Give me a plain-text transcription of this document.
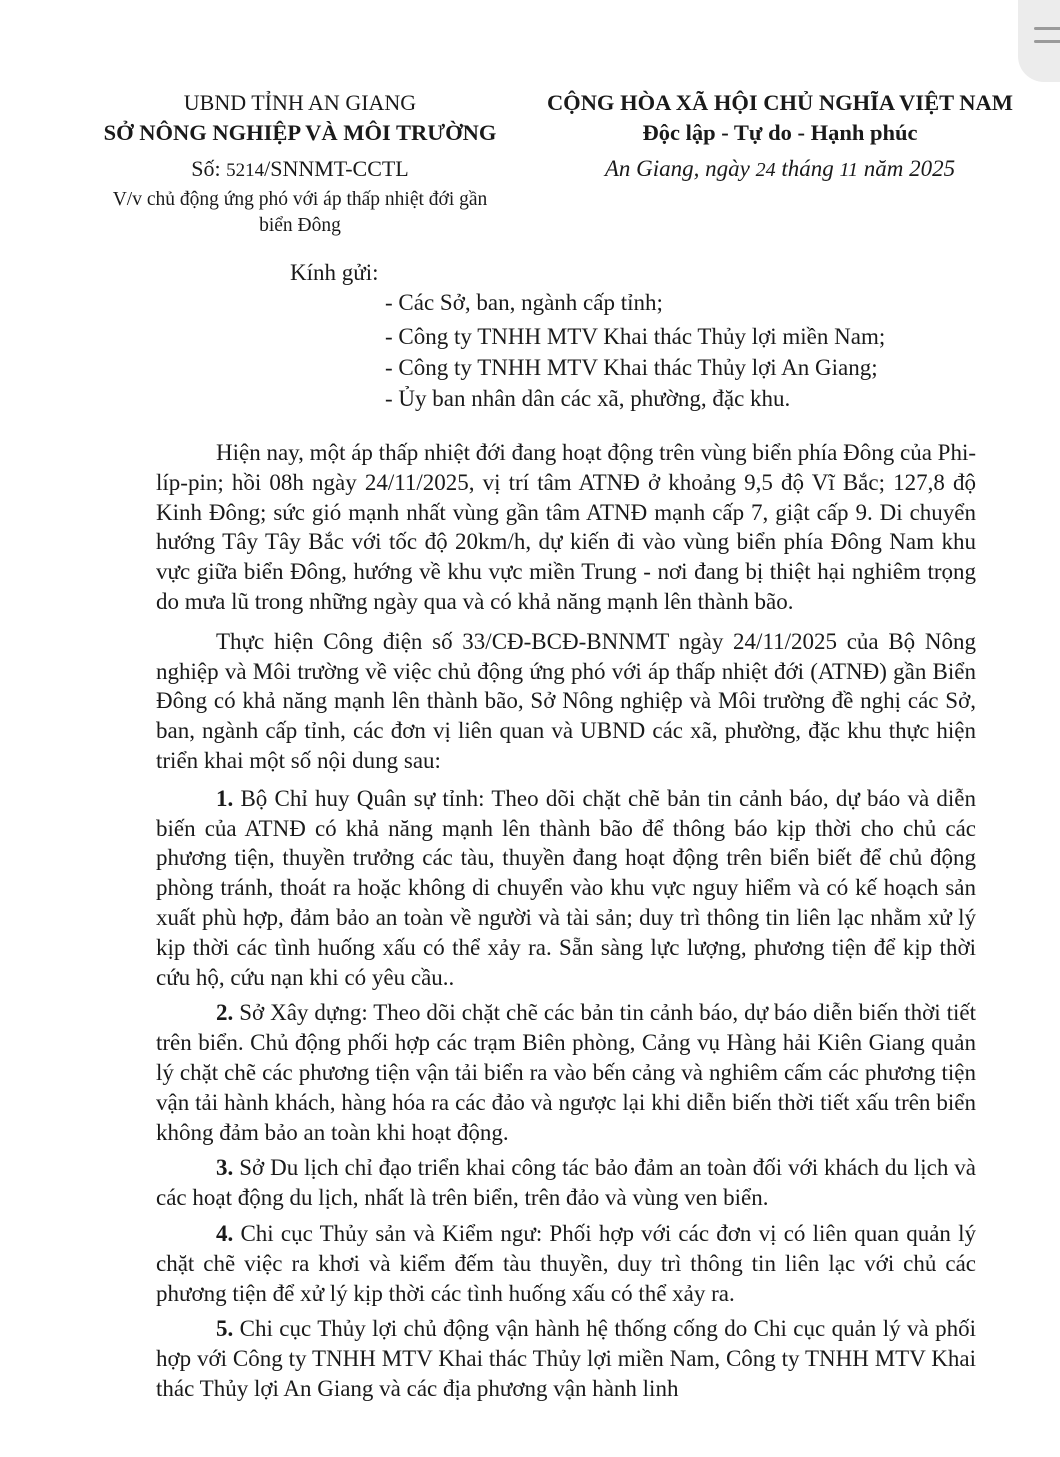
UBND TỈNH AN GIANG
SỞ NÔNG NGHIỆP VÀ MÔI TRƯỜNG
Số: 5214/SNNMT-CCTL
V/v chủ động ứng phó với áp thấp nhiệt đới gần
biển Đông
CỘNG HÒA XÃ HỘI CHỦ NGHĨA VIỆT NAM
Độc lập - Tự do - Hạnh phúc
An Giang, ngày 24 tháng 11 năm 2025
Kính gửi:
- Các Sở, ban, ngành cấp tỉnh;
- Công ty TNHH MTV Khai thác Thủy lợi miền Nam;
- Công ty TNHH MTV Khai thác Thủy lợi An Giang;
- Ủy ban nhân dân các xã, phường, đặc khu.

Hiện nay, một áp thấp nhiệt đới đang hoạt động trên vùng biển phía Đông của Phi-líp-pin; hồi 08h ngày 24/11/2025, vị trí tâm ATNĐ ở khoảng 9,5 độ Vĩ Bắc; 127,8 độ Kinh Đông; sức gió mạnh nhất vùng gần tâm ATNĐ mạnh cấp 7, giật cấp 9. Di chuyển hướng Tây Tây Bắc với tốc độ 20km/h, dự kiến đi vào vùng biển phía Đông Nam khu vực giữa biển Đông, hướng về khu vực miền Trung - nơi đang bị thiệt hại nghiêm trọng do mưa lũ trong những ngày qua và có khả năng mạnh lên thành bão.

Thực hiện Công điện số 33/CĐ-BCĐ-BNNMT ngày 24/11/2025 của Bộ Nông nghiệp và Môi trường về việc chủ động ứng phó với áp thấp nhiệt đới (ATNĐ) gần Biển Đông có khả năng mạnh lên thành bão, Sở Nông nghiệp và Môi trường đề nghị các Sở, ban, ngành cấp tỉnh, các đơn vị liên quan và UBND các xã, phường, đặc khu thực hiện triển khai một số nội dung sau:

1. Bộ Chỉ huy Quân sự tỉnh: Theo dõi chặt chẽ bản tin cảnh báo, dự báo và diễn biến của ATNĐ có khả năng mạnh lên thành bão để thông báo kịp thời cho chủ các phương tiện, thuyền trưởng các tàu, thuyền đang hoạt động trên biển biết để chủ động phòng tránh, thoát ra hoặc không di chuyển vào khu vực nguy hiểm và có kế hoạch sản xuất phù hợp, đảm bảo an toàn về người và tài sản; duy trì thông tin liên lạc nhằm xử lý kịp thời các tình huống xấu có thể xảy ra. Sẵn sàng lực lượng, phương tiện để kịp thời cứu hộ, cứu nạn khi có yêu cầu..

2. Sở Xây dựng: Theo dõi chặt chẽ các bản tin cảnh báo, dự báo diễn biến thời tiết trên biển. Chủ động phối hợp các trạm Biên phòng, Cảng vụ Hàng hải Kiên Giang quản lý chặt chẽ các phương tiện vận tải biển ra vào bến cảng và nghiêm cấm các phương tiện vận tải hành khách, hàng hóa ra các đảo và ngược lại khi diễn biến thời tiết xấu trên biển không đảm bảo an toàn khi hoạt động.

3. Sở Du lịch chỉ đạo triển khai công tác bảo đảm an toàn đối với khách du lịch và các hoạt động du lịch, nhất là trên biển, trên đảo và vùng ven biển.

4. Chi cục Thủy sản và Kiểm ngư: Phối hợp với các đơn vị có liên quan quản lý chặt chẽ việc ra khơi và kiểm đếm tàu thuyền, duy trì thông tin liên lạc với chủ các phương tiện để xử lý kịp thời các tình huống xấu có thể xảy ra.

5. Chi cục Thủy lợi chủ động vận hành hệ thống cống do Chi cục quản lý và phối hợp với Công ty TNHH MTV Khai thác Thủy lợi miền Nam, Công ty TNHH MTV Khai thác Thủy lợi An Giang và các địa phương vận hành linh
